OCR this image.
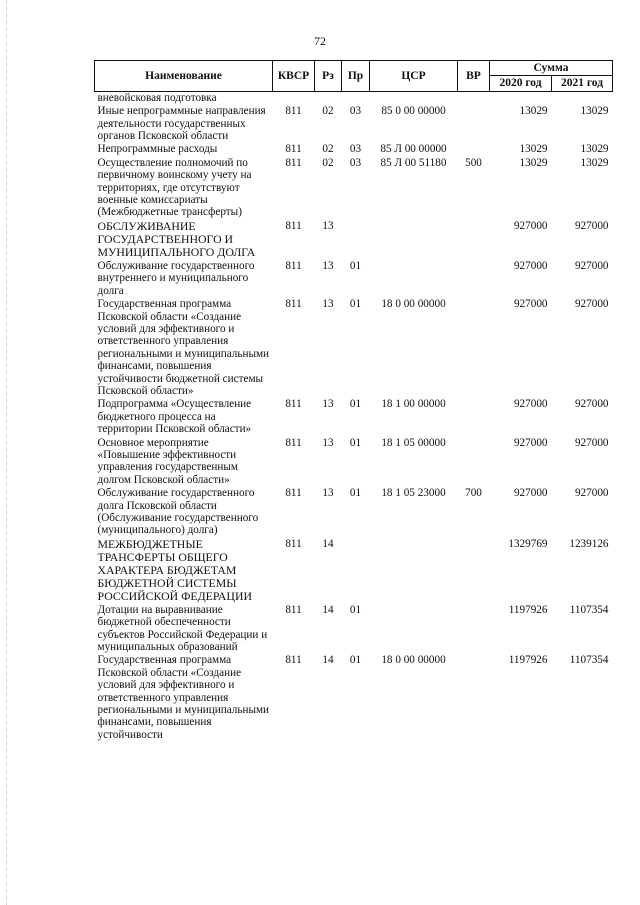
72
Наименование	КВСР	Рз	Пр	ЦСР	ВР	Сумма	
						2020 год	2021 год
вневойсковая подготовка							
Иные непрограммные направления деятельности государственных органов Псковской области	811	02	03	85 0 00 00000		13029	13029
Непрограммные расходы	811	02	03	85 Л 00 00000		13029	13029
Осуществление полномочий по первичному воинскому учету на территориях, где отсутствуют военные комиссариаты (Межбюджетные трансферты)	811	02	03	85 Л 00 51180	500	13029	13029
ОБСЛУЖИВАНИЕ ГОСУДАРСТВЕННОГО И МУНИЦИПАЛЬНОГО ДОЛГА	811	13				927000	927000
Обслуживание государственного внутреннего и муниципального долга	811	13	01			927000	927000
Государственная программа Псковской области «Создание условий для эффективного и ответственного управления региональными и муниципальными финансами, повышения устойчивости бюджетной системы Псковской области»	811	13	01	18 0 00 00000		927000	927000
Подпрограмма «Осуществление бюджетного процесса на территории Псковской области»	811	13	01	18 1 00 00000		927000	927000
Основное мероприятие «Повышение эффективности управления государственным долгом Псковской области»	811	13	01	18 1 05 00000		927000	927000
Обслуживание государственного долга Псковской области (Обслуживание государственного (муниципального) долга)	811	13	01	18 1 05 23000	700	927000	927000
МЕЖБЮДЖЕТНЫЕ ТРАНСФЕРТЫ ОБЩЕГО ХАРАКТЕРА БЮДЖЕТАМ БЮДЖЕТНОЙ СИСТЕМЫ РОССИЙСКОЙ ФЕДЕРАЦИИ	811	14				1329769	1239126
Дотации на выравнивание бюджетной обеспеченности субъектов Российской Федерации и муниципальных образований	811	14	01			1197926	1107354
Государственная программа Псковской области «Создание условий для эффективного и ответственного управления региональными и муниципальными финансами, повышения устойчивости	811	14	01	18 0 00 00000		1197926	1107354
